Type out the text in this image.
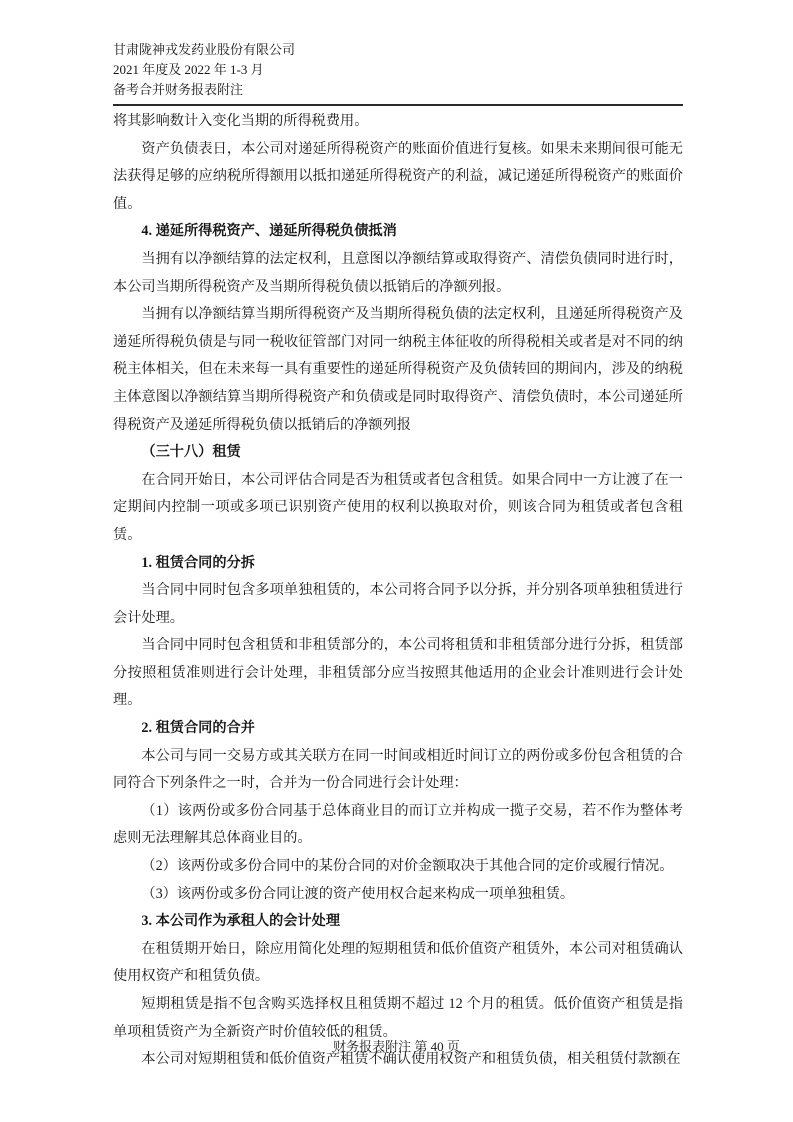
甘肃陇神戎发药业股份有限公司
2021 年度及 2022 年 1-3 月
备考合并财务报表附注

将其影响数计入变化当期的所得税费用。

资产负债表日，本公司对递延所得税资产的账面价值进行复核。如果未来期间很可能无法获得足够的应纳税所得额用以抵扣递延所得税资产的利益，减记递延所得税资产的账面价值。

4. 递延所得税资产、递延所得税负债抵消

当拥有以净额结算的法定权利，且意图以净额结算或取得资产、清偿负债同时进行时，本公司当期所得税资产及当期所得税负债以抵销后的净额列报。

当拥有以净额结算当期所得税资产及当期所得税负债的法定权利，且递延所得税资产及递延所得税负债是与同一税收征管部门对同一纳税主体征收的所得税相关或者是对不同的纳税主体相关，但在未来每一具有重要性的递延所得税资产及负债转回的期间内，涉及的纳税主体意图以净额结算当期所得税资产和负债或是同时取得资产、清偿负债时，本公司递延所得税资产及递延所得税负债以抵销后的净额列报

（三十八）租赁

在合同开始日，本公司评估合同是否为租赁或者包含租赁。如果合同中一方让渡了在一定期间内控制一项或多项已识别资产使用的权利以换取对价，则该合同为租赁或者包含租赁。

1. 租赁合同的分拆

当合同中同时包含多项单独租赁的，本公司将合同予以分拆，并分别各项单独租赁进行会计处理。

当合同中同时包含租赁和非租赁部分的，本公司将租赁和非租赁部分进行分拆，租赁部分按照租赁准则进行会计处理，非租赁部分应当按照其他适用的企业会计准则进行会计处理。

2. 租赁合同的合并

本公司与同一交易方或其关联方在同一时间或相近时间订立的两份或多份包含租赁的合同符合下列条件之一时，合并为一份合同进行会计处理：

（1）该两份或多份合同基于总体商业目的而订立并构成一揽子交易，若不作为整体考虑则无法理解其总体商业目的。

（2）该两份或多份合同中的某份合同的对价金额取决于其他合同的定价或履行情况。

（3）该两份或多份合同让渡的资产使用权合起来构成一项单独租赁。

3. 本公司作为承租人的会计处理

在租赁期开始日，除应用简化处理的短期租赁和低价值资产租赁外，本公司对租赁确认使用权资产和租赁负债。

短期租赁是指不包含购买选择权且租赁期不超过 12 个月的租赁。低价值资产租赁是指单项租赁资产为全新资产时价值较低的租赁。

本公司对短期租赁和低价值资产租赁不确认使用权资产和租赁负债，相关租赁付款额在

财务报表附注 第 40 页
